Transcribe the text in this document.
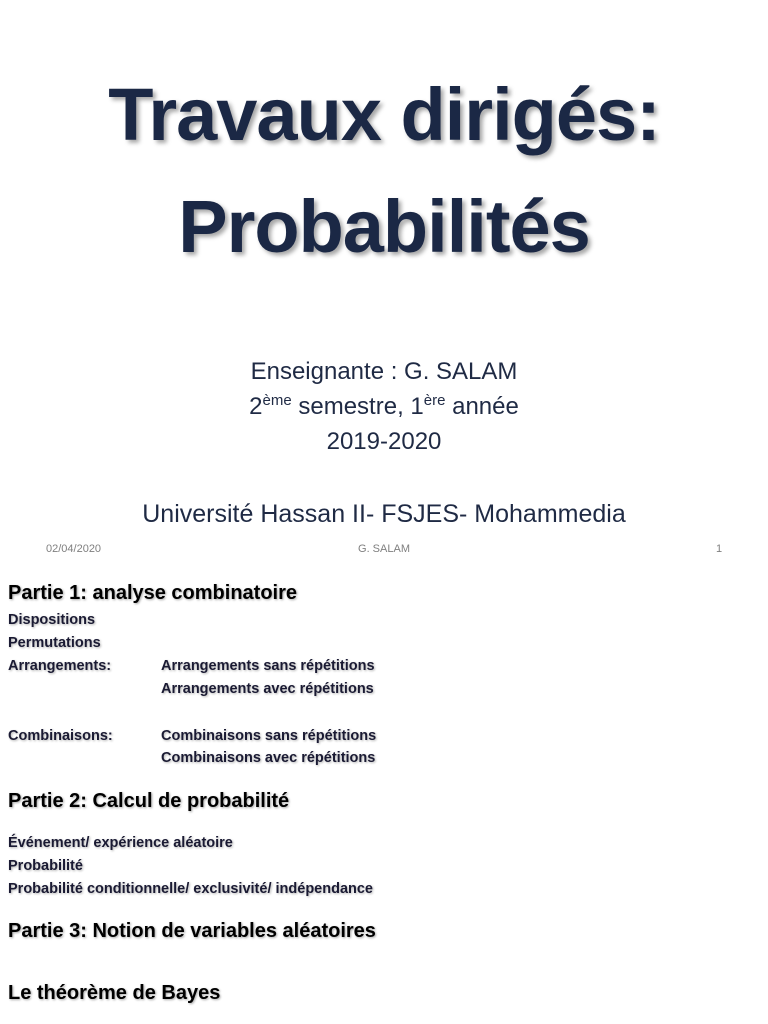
Travaux dirigés:
Probabilités
Enseignante : G. SALAM
2ème semestre, 1ère année
2019-2020
Université Hassan II- FSJES- Mohammedia
02/04/2020	G. SALAM	1
Partie 1: analyse combinatoire
Dispositions
Permutations
Arrangements:	Arrangements sans répétitions
Arrangements avec répétitions
Combinaisons:	Combinaisons sans répétitions
Combinaisons avec répétitions
Partie 2: Calcul de probabilité
Événement/ expérience aléatoire
Probabilité
Probabilité conditionnelle/ exclusivité/ indépendance
Partie 3: Notion de variables aléatoires
Le théorème de Bayes
